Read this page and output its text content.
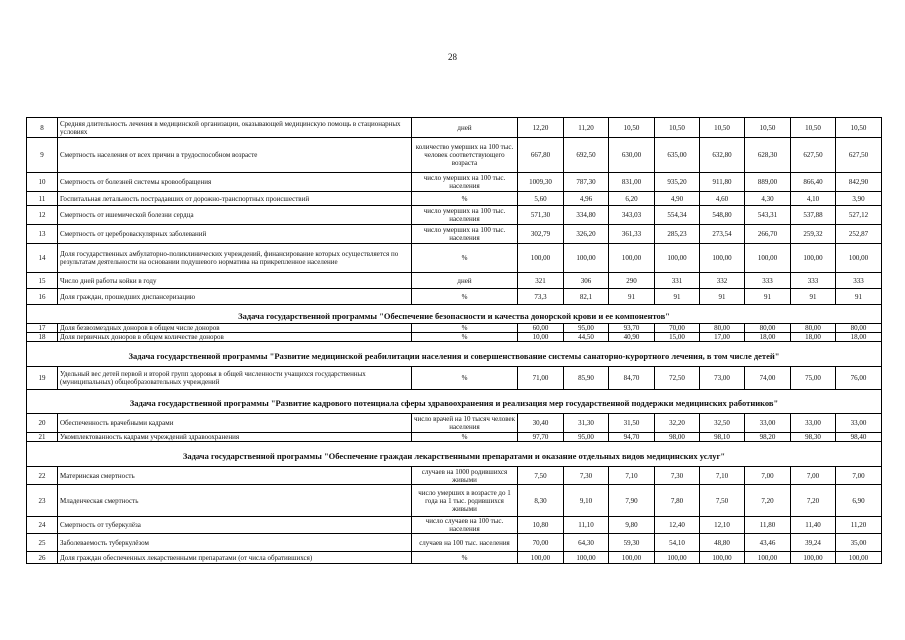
28
8	Средняя длительность лечения в медицинской организации, оказывающей медицинскую помощь в стационарных условиях	дней	12,20	11,20	10,50	10,50	10,50	10,50	10,50	10,50
9	Смертность населения от всех причин в трудоспособном возрасте	количество умерших на 100 тыс. человек соответствующего возраста	667,80	692,50	630,00	635,00	632,80	628,30	627,50	627,50
10	Смертность от болезней системы кровообращения	число умерших на 100 тыс. населения	1009,30	787,30	831,00	935,20	911,80	889,00	866,40	842,90
11	Госпитальная летальность пострадавших от дорожно-транспортных происшествий	%	5,60	4,96	6,20	4,90	4,60	4,30	4,10	3,90
12	Смертность от ишемической болезни сердца	число умерших на 100 тыс. населения	571,30	334,80	343,03	554,34	548,80	543,31	537,88	527,12
13	Смертность от цереброваскулярных заболеваний	число умерших на 100 тыс. населения	302,79	326,20	361,33	285,23	273,54	266,70	259,32	252,87
14	Доля государственных амбулаторно-поликлинических учреждений, финансирование которых осуществляется по результатам деятельности на основании подушевого норматива на прикрепленное население	%	100,00	100,00	100,00	100,00	100,00	100,00	100,00	100,00
15	Число дней работы койки в году	дней	321	306	290	331	332	333	333	333
16	Доля граждан, прошедших диспансеризацию	%	73,3	82,1	91	91	91	91	91	91
Задача государственной программы "Обеспечение безопасности и качества донорской крови и ее компонентов"										
17	Доля безвозмездных доноров в общем числе доноров	%	60,00	95,00	93,70	70,00	80,00	80,00	80,00	80,00
18	Доля первичных доноров в общем количестве доноров	%	10,00	44,50	40,90	15,00	17,00	18,00	18,00	18,00
Задача государственной программы "Развитие медицинской реабилитации населения и совершенствование системы санаторно-курортного лечения, в том числе детей"										
19	Удельный вес детей первой и второй групп здоровья в общей численности учащихся государственных (муниципальных) общеобразовательных учреждений	%	71,00	85,90	84,70	72,50	73,00	74,00	75,00	76,00
Задача государственной программы "Развитие кадрового потенциала сферы здравоохранения и реализация мер государственной поддержки медицинских работников"										
20	Обеспеченность врачебными кадрами	число врачей на 10 тысяч человек населения	30,40	31,30	31,50	32,20	32,50	33,00	33,00	33,00
21	Укомплектованность кадрами учреждений здравоохранения	%	97,70	95,00	94,70	98,00	98,10	98,20	98,30	98,40
Задача государственной программы "Обеспечение граждан лекарственными препаратами и оказание отдельных видов медицинских услуг"										
22	Материнская смертность	случаев на 1000 родившихся живыми	7,50	7,30	7,10	7,30	7,10	7,00	7,00	7,00
23	Младенческая смертность	число умерших в возрасте до 1 года на 1 тыс. родившихся живыми	8,30	9,10	7,90	7,80	7,50	7,20	7,20	6,90
24	Смертность от туберкулёза	число случаев на 100 тыс. населения	10,80	11,10	9,80	12,40	12,10	11,80	11,40	11,20
25	Заболеваемость туберкулёзом	случаев на 100 тыс. населения	70,00	64,30	59,30	54,10	48,80	43,46	39,24	35,00
26	Доля граждан обеспеченных лекарственными препаратами (от числа обратившихся)	%	100,00	100,00	100,00	100,00	100,00	100,00	100,00	100,00
